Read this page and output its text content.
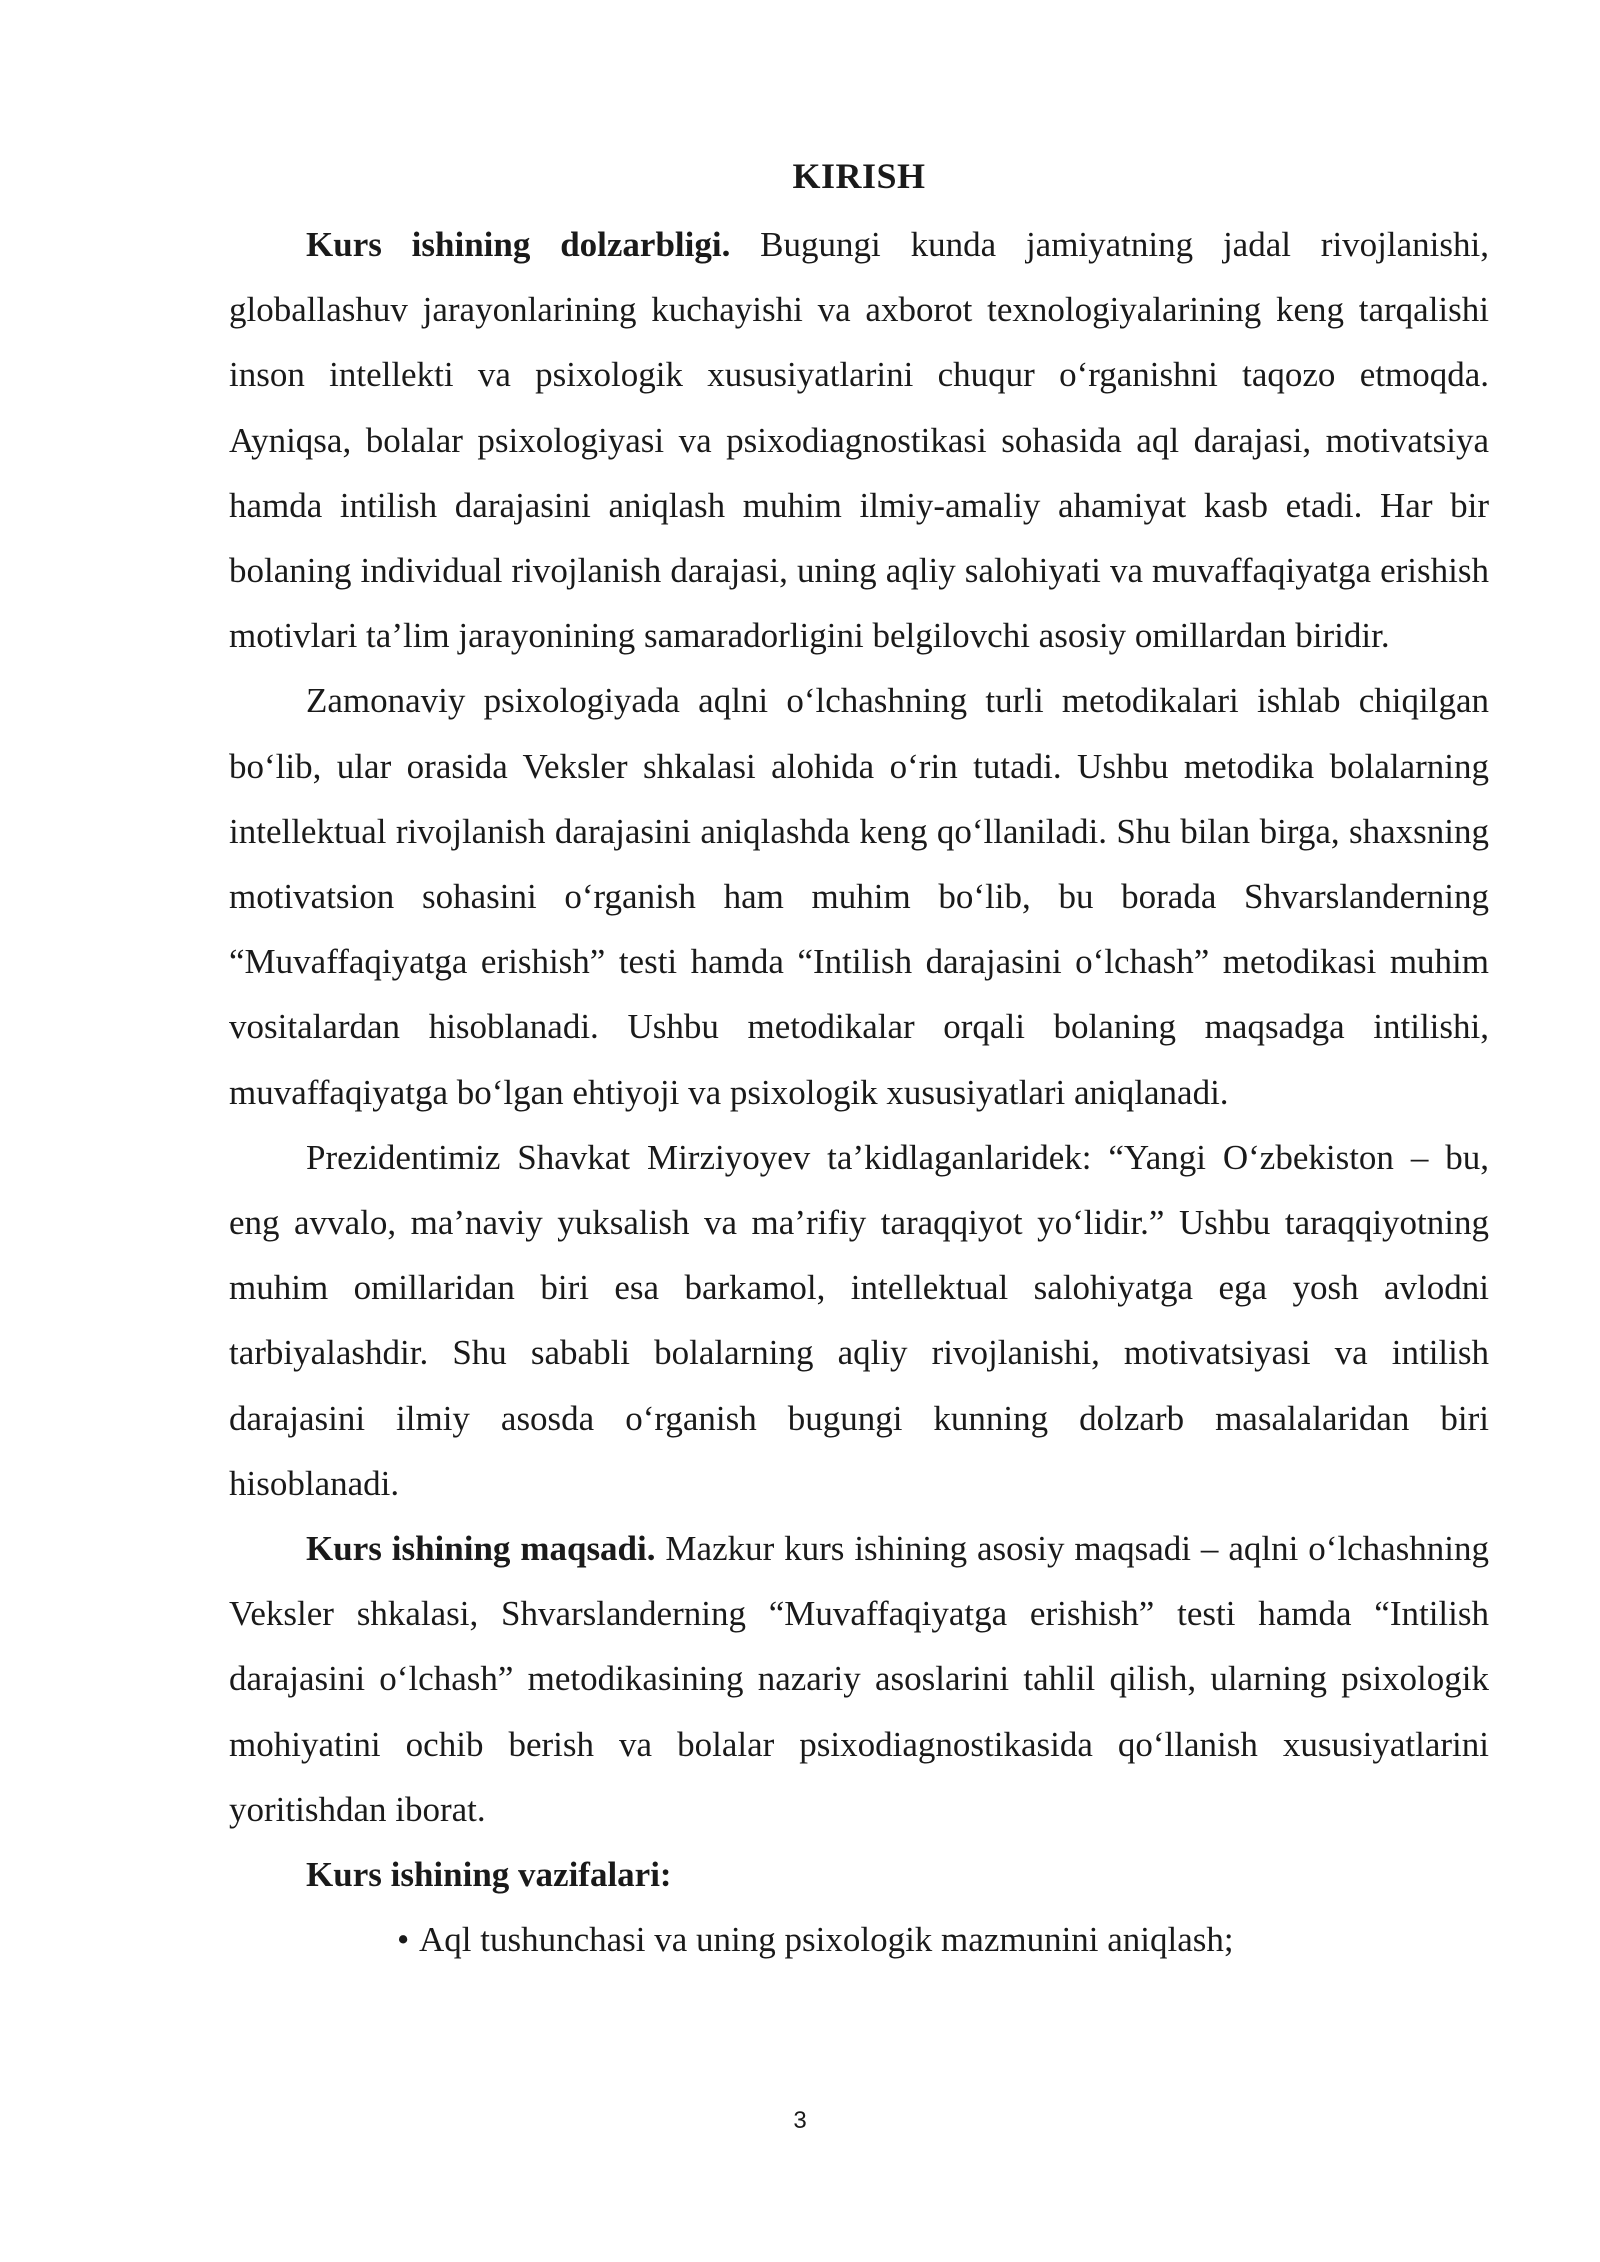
KIRISH

Kurs ishining dolzarbligi. Bugungi kunda jamiyatning jadal rivojlanishi, globallashuv jarayonlarining kuchayishi va axborot texnologiyalarining keng tarqalishi inson intellekti va psixologik xususiyatlarini chuqur o‘rganishni taqozo etmoqda. Ayniqsa, bolalar psixologiyasi va psixodiagnostikasi sohasida aql darajasi, motivatsiya hamda intilish darajasini aniqlash muhim ilmiy-amaliy ahamiyat kasb etadi. Har bir bolaning individual rivojlanish darajasi, uning aqliy salohiyati va muvaffaqiyatga erishish motivlari ta’lim jarayonining samaradorligini belgilovchi asosiy omillardan biridir.

Zamonaviy psixologiyada aqlni o‘lchashning turli metodikalari ishlab chiqilgan bo‘lib, ular orasida Veksler shkalasi alohida o‘rin tutadi. Ushbu metodika bolalarning intellektual rivojlanish darajasini aniqlashda keng qo‘llaniladi. Shu bilan birga, shaxsning motivatsion sohasini o‘rganish ham muhim bo‘lib, bu borada Shvarslanderning “Muvaffaqiyatga erishish” testi hamda “Intilish darajasini o‘lchash” metodikasi muhim vositalardan hisoblanadi. Ushbu metodikalar orqali bolaning maqsadga intilishi, muvaffaqiyatga bo‘lgan ehtiyoji va psixologik xususiyatlari aniqlanadi.

Prezidentimiz Shavkat Mirziyoyev ta’kidlaganlaridek: “Yangi O‘zbekiston – bu, eng avvalo, ma’naviy yuksalish va ma’rifiy taraqqiyot yo‘lidir.” Ushbu taraqqiyotning muhim omillaridan biri esa barkamol, intellektual salohiyatga ega yosh avlodni tarbiyalashdir. Shu sababli bolalarning aqliy rivojlanishi, motivatsiyasi va intilish darajasini ilmiy asosda o‘rganish bugungi kunning dolzarb masalalaridan biri hisoblanadi.

Kurs ishining maqsadi. Mazkur kurs ishining asosiy maqsadi – aqlni o‘lchashning Veksler shkalasi, Shvarslanderning “Muvaffaqiyatga erishish” testi hamda “Intilish darajasini o‘lchash” metodikasining nazariy asoslarini tahlil qilish, ularning psixologik mohiyatini ochib berish va bolalar psixodiagnostikasida qo‘llanish xususiyatlarini yoritishdan iborat.

Kurs ishining vazifalari:

• Aql tushunchasi va uning psixologik mazmunini aniqlash;
3
